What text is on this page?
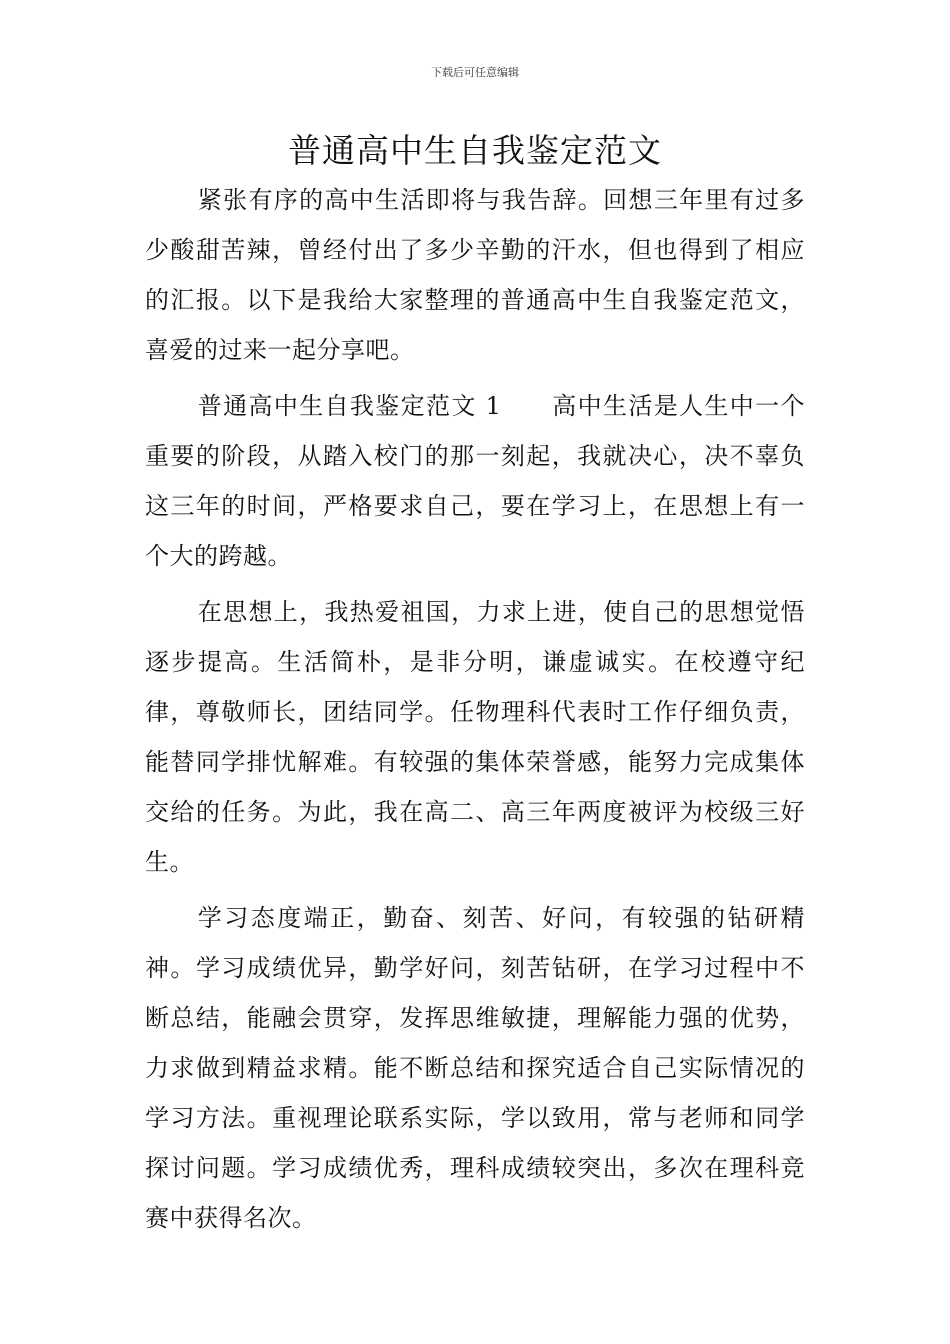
下载后可任意编辑
普通高中生自我鉴定范文

紧张有序的高中生活即将与我告辞。回想三年里有过多少酸甜苦辣，曾经付出了多少辛勤的汗水，但也得到了相应的汇报。以下是我给大家整理的普通高中生自我鉴定范文，喜爱的过来一起分享吧。

普通高中生自我鉴定范文 1 高中生活是人生中一个重要的阶段，从踏入校门的那一刻起，我就决心，决不辜负这三年的时间，严格要求自己，要在学习上，在思想上有一个大的跨越。

在思想上，我热爱祖国，力求上进，使自己的思想觉悟逐步提高。生活简朴，是非分明，谦虚诚实。在校遵守纪律，尊敬师长，团结同学。任物理科代表时工作仔细负责，能替同学排忧解难。有较强的集体荣誉感，能努力完成集体交给的任务。为此，我在高二、高三年两度被评为校级三好生。

学习态度端正，勤奋、刻苦、好问，有较强的钻研精神。学习成绩优异，勤学好问，刻苦钻研，在学习过程中不断总结，能融会贯穿，发挥思维敏捷，理解能力强的优势，力求做到精益求精。能不断总结和探究适合自己实际情况的学习方法。重视理论联系实际，学以致用，常与老师和同学探讨问题。学习成绩优秀，理科成绩较突出，多次在理科竞赛中获得名次。
